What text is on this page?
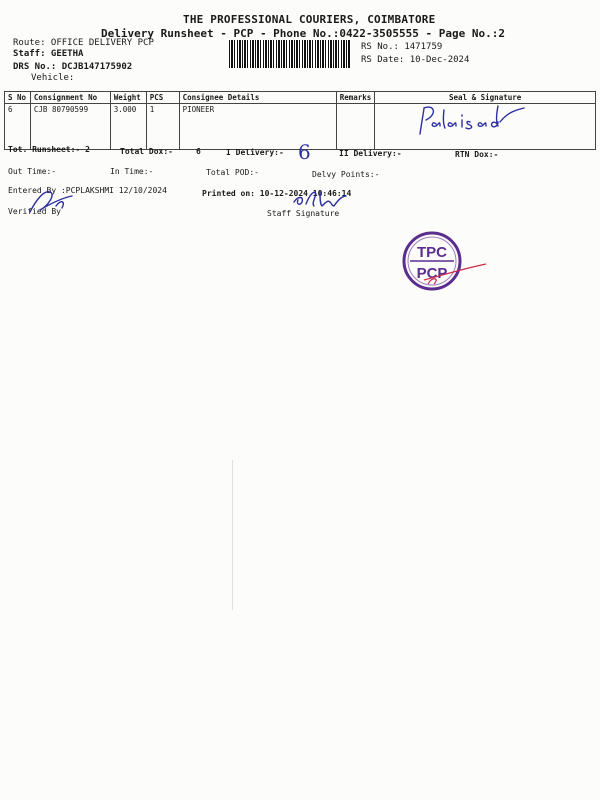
THE PROFESSIONAL COURIERS, COIMBATORE
Delivery Runsheet - PCP - Phone No.:0422-3505555 - Page No.:2
Route: OFFICE DELIVERY PCP
Staff: GEETHA
DRS No.: DCJB147175902
Vehicle:
RS No.: 1471759
RS Date: 10-Dec-2024
S No	Consignment No	Weight	PCS	Consignee Details	Remarks	Seal & Signature
6	CJB 80790599	3.000	1	PIONEER		
Tot. Runsheet:- 2	Total Dox:-	6	I Delivery:- 6	II Delivery:-	RTN Dox:-
Out Time:-	In Time:-	Total POD:-	Delvy Points:-
Entered By :PCPLAKSHMI 12/10/2024	Printed on: 10-12-2024 10:46:14
Verified By	Staff Signature
TPC
PCP
